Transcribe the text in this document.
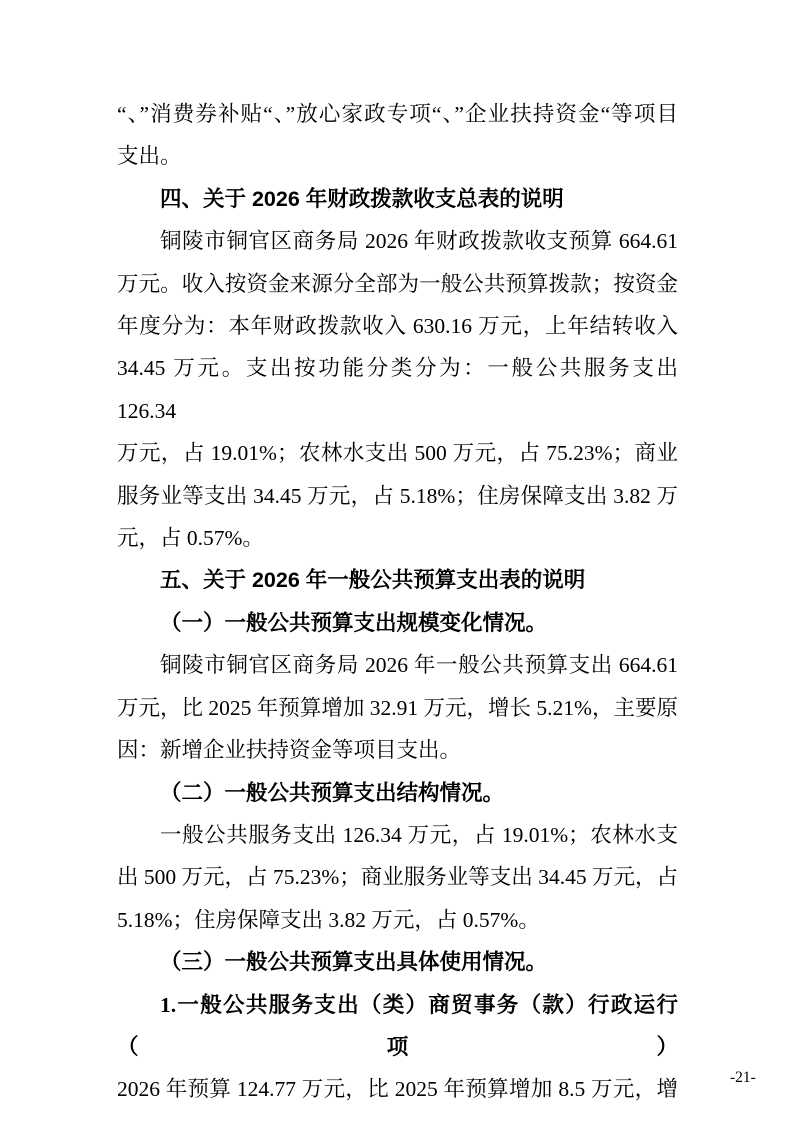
“、”消费券补贴“、”放心家政专项“、”企业扶持资金“等项目
支出。
四、关于 2026 年财政拨款收支总表的说明
铜陵市铜官区商务局 2026 年财政拨款收支预算 664.61
万元。收入按资金来源分全部为一般公共预算拨款；按资金
年度分为：本年财政拨款收入 630.16 万元，上年结转收入
34.45 万元。支出按功能分类分为：一般公共服务支出 126.34
万元，占 19.01%；农林水支出 500 万元，占 75.23%；商业
服务业等支出 34.45 万元，占 5.18%；住房保障支出 3.82 万
元，占 0.57%。
五、关于 2026 年一般公共预算支出表的说明
（一）一般公共预算支出规模变化情况。
铜陵市铜官区商务局 2026 年一般公共预算支出 664.61
万元，比 2025 年预算增加 32.91 万元，增长 5.21%，主要原
因：新增企业扶持资金等项目支出。
（二）一般公共预算支出结构情况。
一般公共服务支出 126.34 万元，占 19.01%；农林水支
出 500 万元，占 75.23%；商业服务业等支出 34.45 万元，占
5.18%；住房保障支出 3.82 万元，占 0.57%。
（三）一般公共预算支出具体使用情况。
1.一般公共服务支出（类）商贸事务（款）行政运行（项）
2026 年预算 124.77 万元，比 2025 年预算增加 8.5 万元，增	-21-
